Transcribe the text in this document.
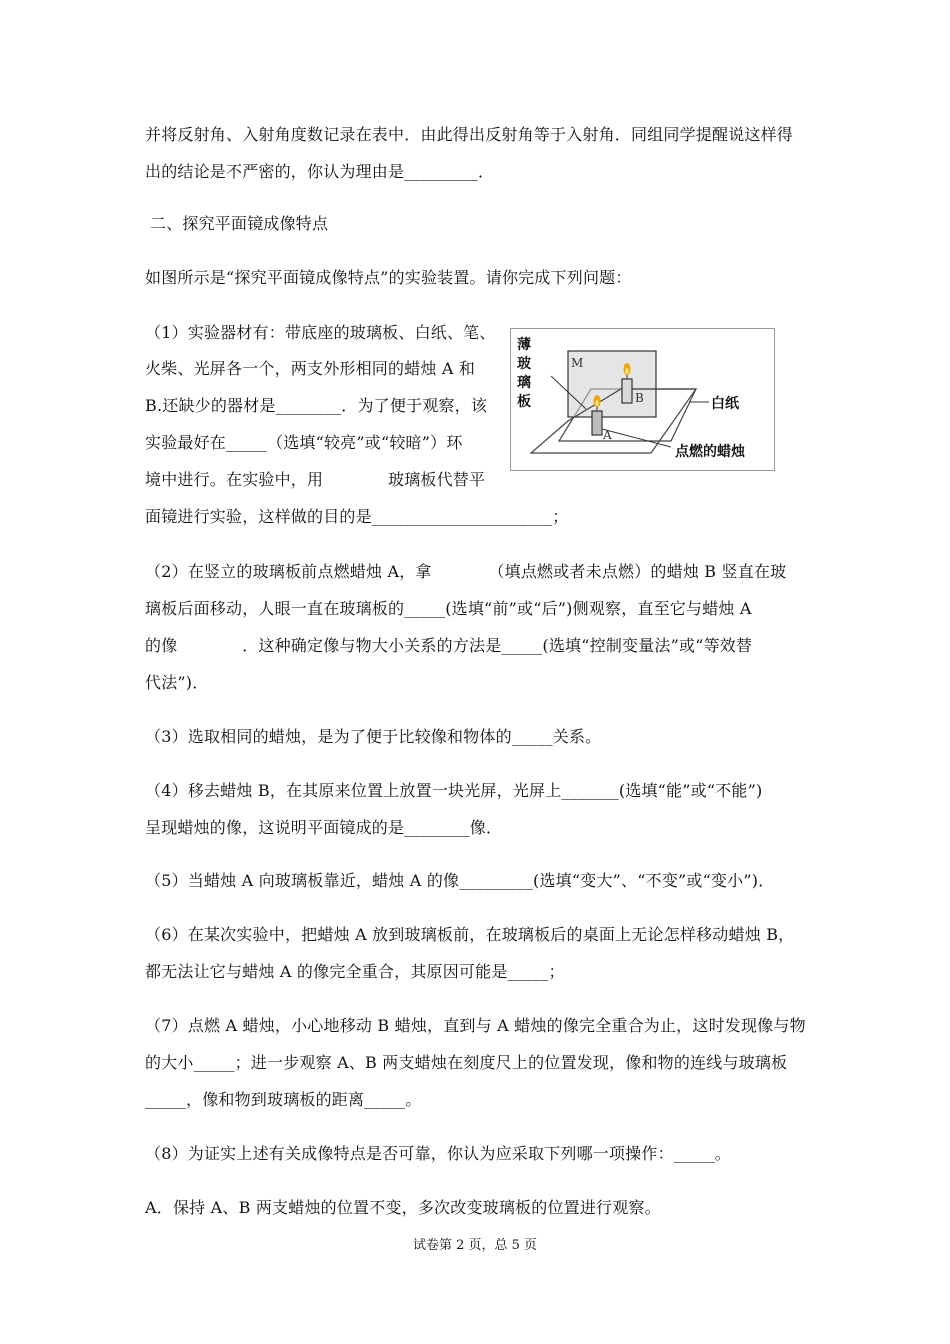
并将反射角、入射角度数记录在表中．由此得出反射角等于入射角．同组同学提醒说这样得
出的结论是不严密的，你认为理由是_________．
二、探究平面镜成像特点
如图所示是“探究平面镜成像特点”的实验装置。请你完成下列问题：
（1）实验器材有：带底座的玻璃板、白纸、笔、
火柴、光屏各一个，两支外形相同的蜡烛 A 和
B.还缺少的器材是________．为了便于观察，该
实验最好在_____（选填“较亮”或“较暗”）环
境中进行。在实验中，用　　　　玻璃板代替平
面镜进行实验，这样做的目的是______________________；
薄
玻
璃
板
M
B
A
白纸
点燃的蜡烛
（2）在竖立的玻璃板前点燃蜡烛 A，拿　　　　（填点燃或者未点燃）的蜡烛 B 竖直在玻
璃板后面移动，人眼一直在玻璃板的_____(选填“前”或“后”)侧观察，直至它与蜡烛 A
的像　　　　．这种确定像与物大小关系的方法是_____(选填“控制变量法”或“等效替
代法”)．
（3）选取相同的蜡烛，是为了便于比较像和物体的_____关系。
（4）移去蜡烛 B，在其原来位置上放置一块光屏，光屏上_______(选填“能”或“不能”)
呈现蜡烛的像，这说明平面镜成的是________像．
（5）当蜡烛 A 向玻璃板靠近，蜡烛 A 的像_________(选填“变大”、“不变”或“变小”)．
（6）在某次实验中，把蜡烛 A 放到玻璃板前，在玻璃板后的桌面上无论怎样移动蜡烛 B，
都无法让它与蜡烛 A 的像完全重合，其原因可能是_____；
（7）点燃 A 蜡烛，小心地移动 B 蜡烛，直到与 A 蜡烛的像完全重合为止，这时发现像与物
的大小_____；进一步观察 A、B 两支蜡烛在刻度尺上的位置发现，像和物的连线与玻璃板
_____，像和物到玻璃板的距离_____。
（8）为证实上述有关成像特点是否可靠，你认为应采取下列哪一项操作：_____。
A．保持 A、B 两支蜡烛的位置不变，多次改变玻璃板的位置进行观察。
试卷第 2 页，总 5 页
